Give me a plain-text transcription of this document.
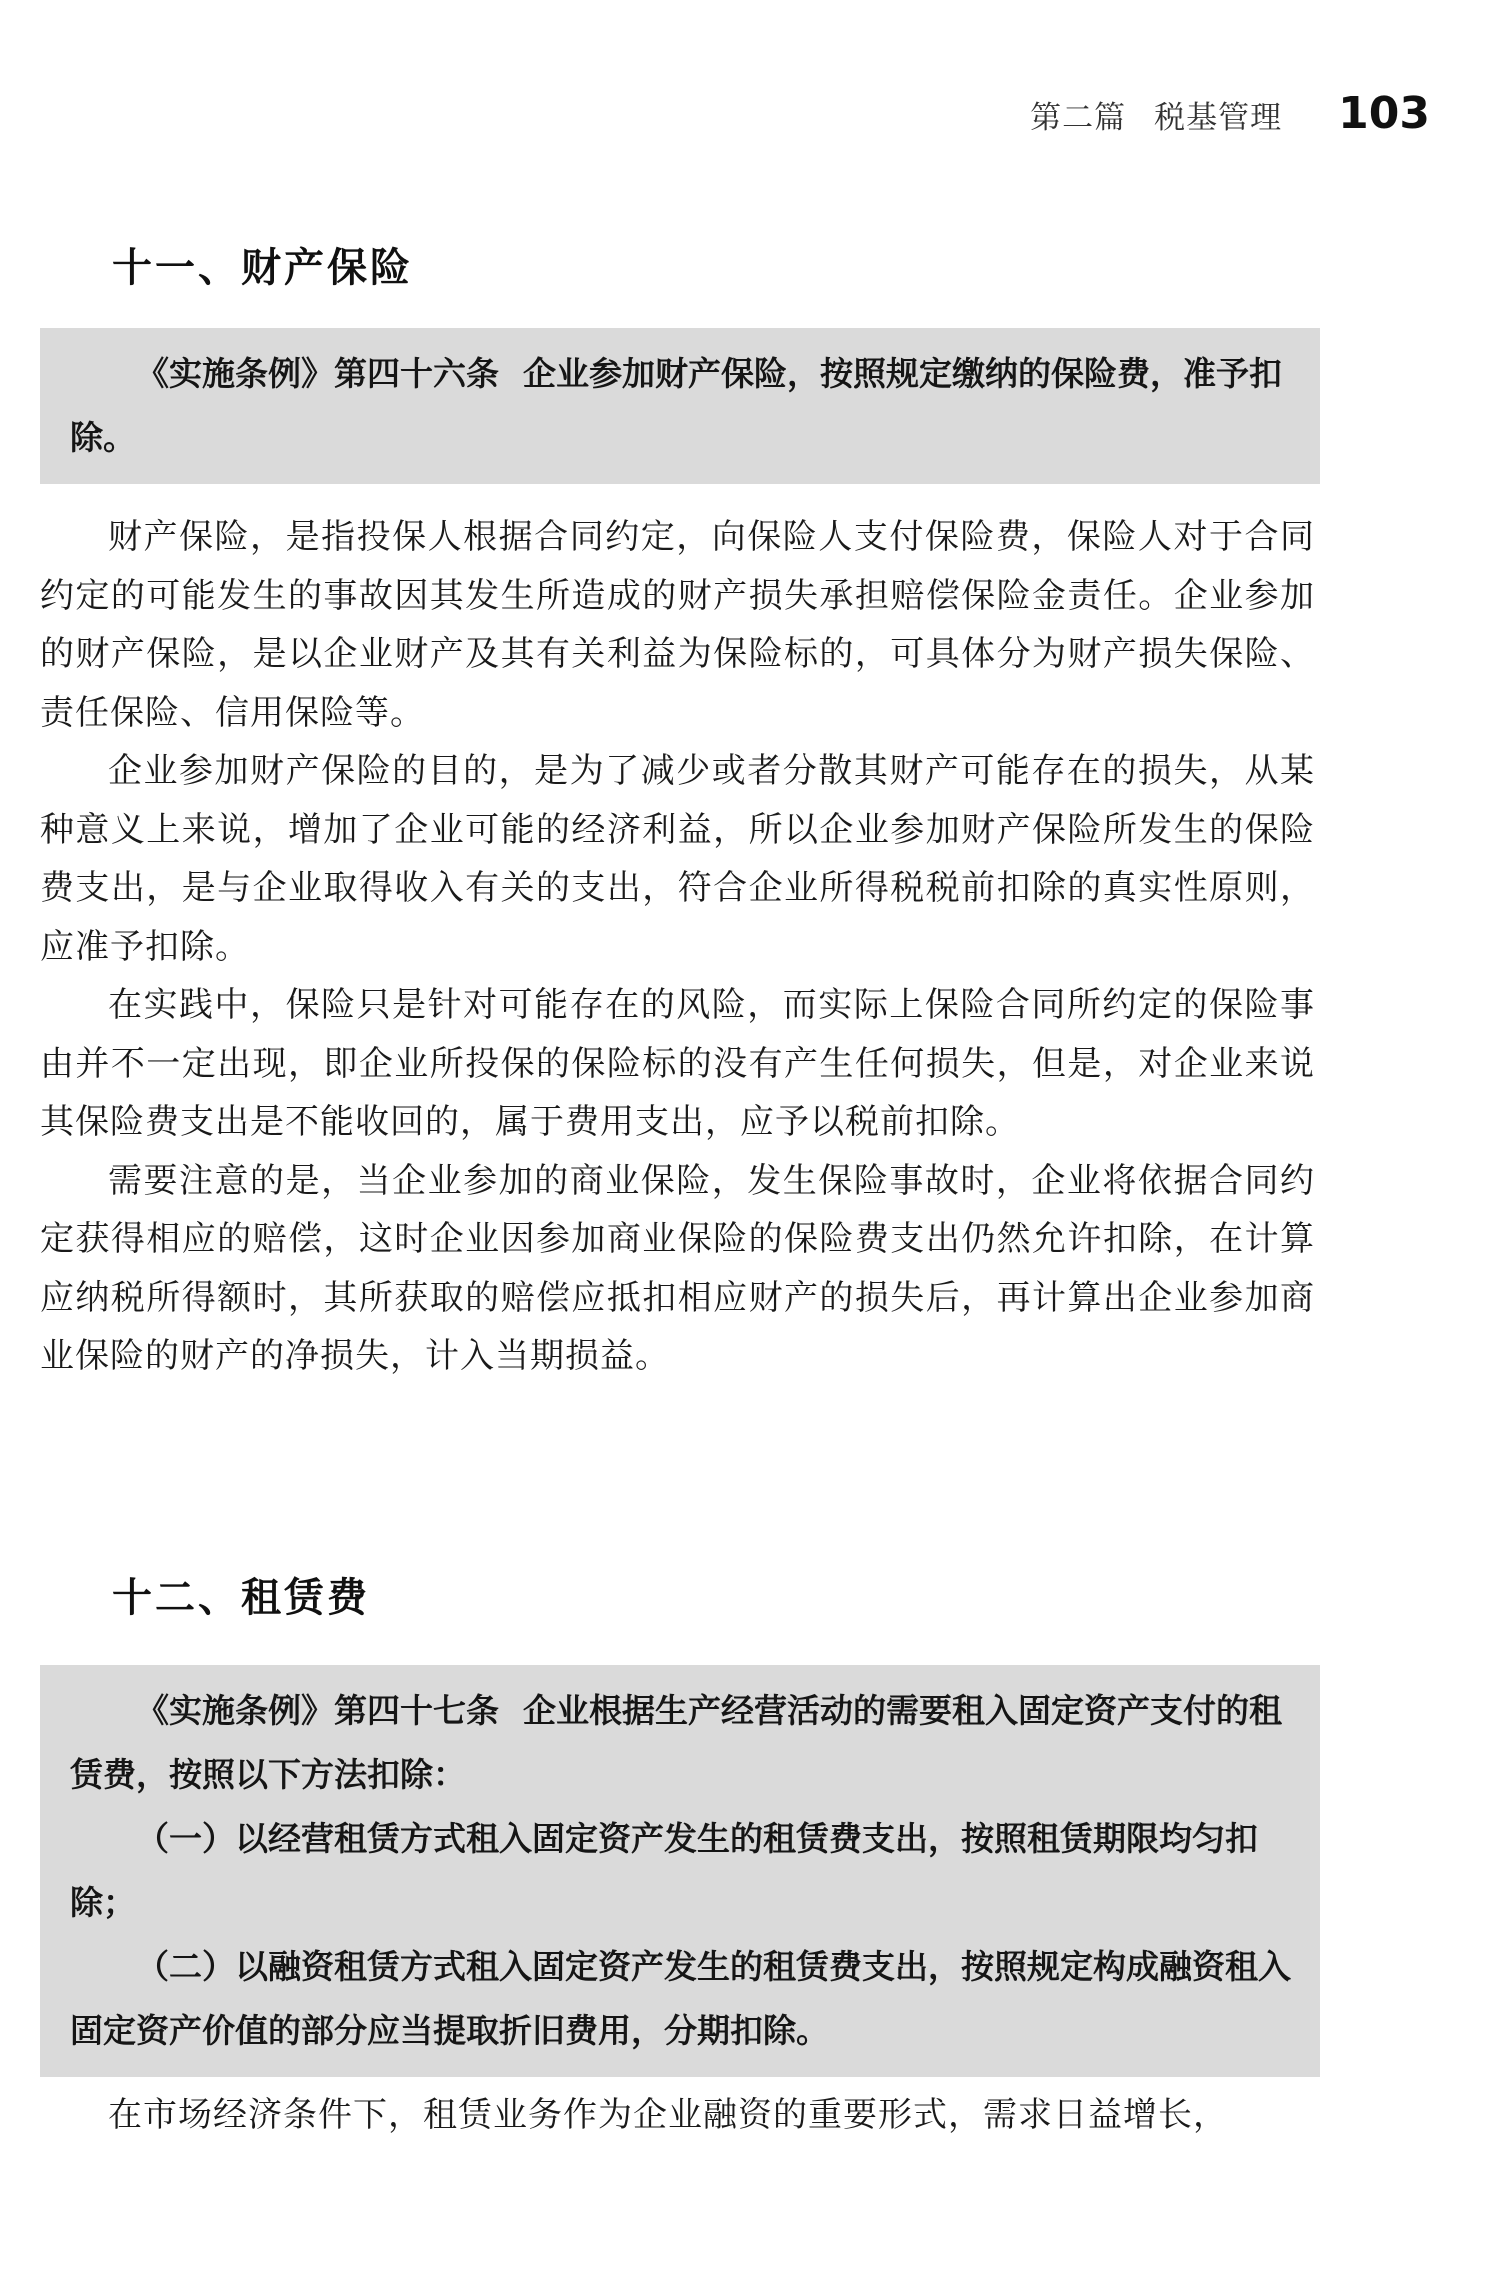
第二篇 税基管理 103
十一、财产保险

《实施条例》第四十六条 企业参加财产保险，按照规定缴纳的保险费，准予扣除。

财产保险，是指投保人根据合同约定，向保险人支付保险费，保险人对于合同约定的可能发生的事故因其发生所造成的财产损失承担赔偿保险金责任。企业参加的财产保险，是以企业财产及其有关利益为保险标的，可具体分为财产损失保险、责任保险、信用保险等。

企业参加财产保险的目的，是为了减少或者分散其财产可能存在的损失，从某种意义上来说，增加了企业可能的经济利益，所以企业参加财产保险所发生的保险费支出，是与企业取得收入有关的支出，符合企业所得税税前扣除的真实性原则，应准予扣除。

在实践中，保险只是针对可能存在的风险，而实际上保险合同所约定的保险事由并不一定出现，即企业所投保的保险标的没有产生任何损失，但是，对企业来说其保险费支出是不能收回的，属于费用支出，应予以税前扣除。

需要注意的是，当企业参加的商业保险，发生保险事故时，企业将依据合同约定获得相应的赔偿，这时企业因参加商业保险的保险费支出仍然允许扣除，在计算应纳税所得额时，其所获取的赔偿应抵扣相应财产的损失后，再计算出企业参加商业保险的财产的净损失，计入当期损益。

十二、租赁费

《实施条例》第四十七条 企业根据生产经营活动的需要租入固定资产支付的租赁费，按照以下方法扣除：

（一）以经营租赁方式租入固定资产发生的租赁费支出，按照租赁期限均匀扣除；

（二）以融资租赁方式租入固定资产发生的租赁费支出，按照规定构成融资租入固定资产价值的部分应当提取折旧费用，分期扣除。

在市场经济条件下，租赁业务作为企业融资的重要形式，需求日益增长，
